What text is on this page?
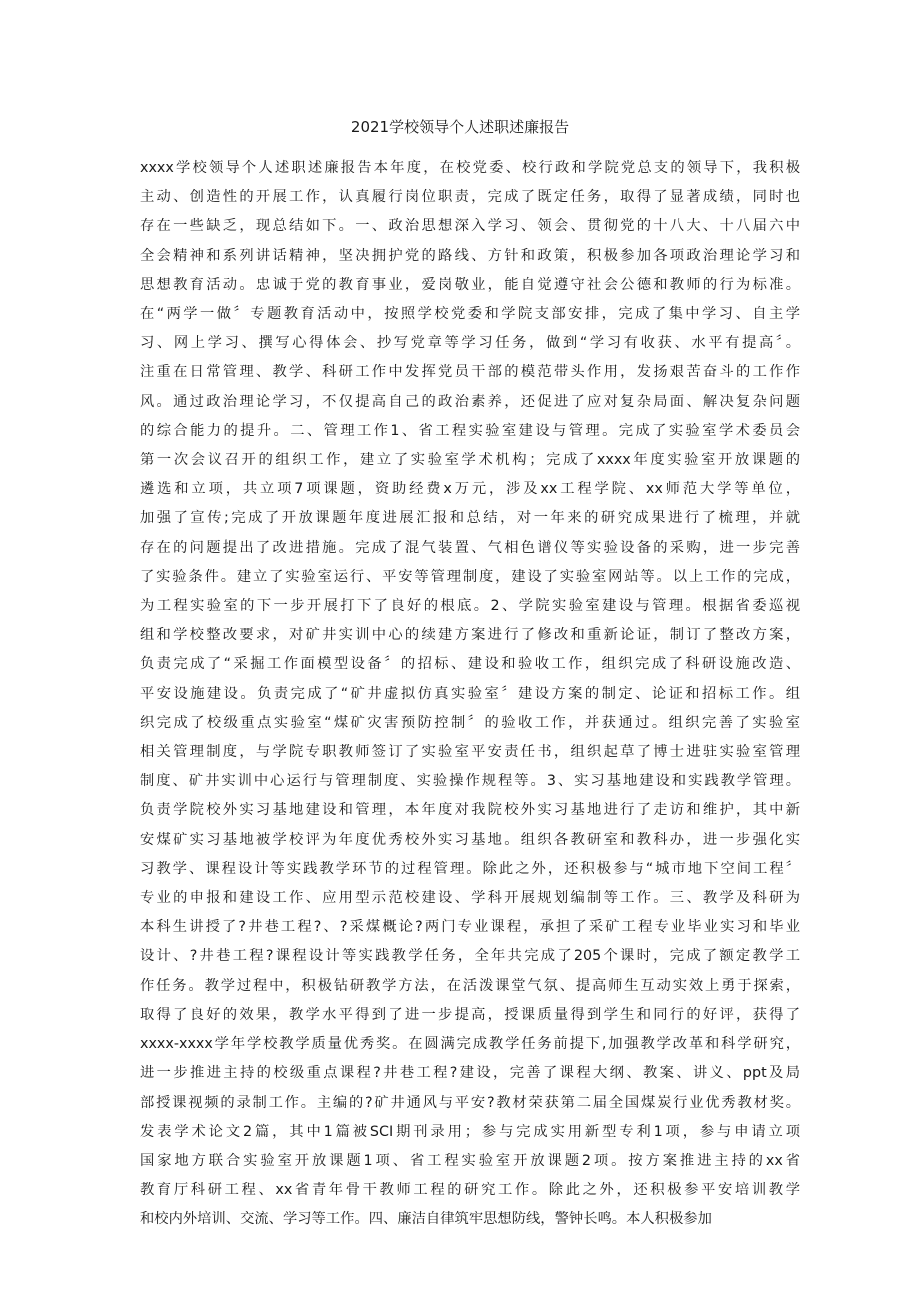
2021学校领导个人述职述廉报告
xxxx学校领导个人述职述廉报告本年度，在校党委、校行政和学院党总支的领导下，我积极
主动、创造性的开展工作，认真履行岗位职责，完成了既定任务，取得了显著成绩，同时也
存在一些缺乏，现总结如下。一、政治思想深入学习、领会、贯彻党的十八大、十八届六中
全会精神和系列讲话精神，坚决拥护党的路线、方针和政策，积极参加各项政治理论学习和
思想教育活动。忠诚于党的教育事业，爱岗敬业，能自觉遵守社会公德和教师的行为标准。
在“两学一做〞专题教育活动中，按照学校党委和学院支部安排，完成了集中学习、自主学
习、网上学习、撰写心得体会、抄写党章等学习任务，做到“学习有收获、水平有提高〞。
注重在日常管理、教学、科研工作中发挥党员干部的模范带头作用，发扬艰苦奋斗的工作作
风。通过政治理论学习，不仅提高自己的政治素养，还促进了应对复杂局面、解决复杂问题
的综合能力的提升。二、管理工作1、省工程实验室建设与管理。完成了实验室学术委员会
第一次会议召开的组织工作，建立了实验室学术机构；完成了xxxx年度实验室开放课题的
遴选和立项，共立项7项课题，资助经费x万元，涉及xx工程学院、xx师范大学等单位，
加强了宣传;完成了开放课题年度进展汇报和总结，对一年来的研究成果进行了梳理，并就
存在的问题提出了改进措施。完成了混气装置、气相色谱仪等实验设备的采购，进一步完善
了实验条件。建立了实验室运行、平安等管理制度，建设了实验室网站等。以上工作的完成，
为工程实验室的下一步开展打下了良好的根底。2、学院实验室建设与管理。根据省委巡视
组和学校整改要求，对矿井实训中心的续建方案进行了修改和重新论证，制订了整改方案，
负责完成了“采掘工作面模型设备〞的招标、建设和验收工作，组织完成了科研设施改造、
平安设施建设。负责完成了“矿井虚拟仿真实验室〞建设方案的制定、论证和招标工作。组
织完成了校级重点实验室“煤矿灾害预防控制〞的验收工作，并获通过。组织完善了实验室
相关管理制度，与学院专职教师签订了实验室平安责任书，组织起草了博士进驻实验室管理
制度、矿井实训中心运行与管理制度、实验操作规程等。3、实习基地建设和实践教学管理。
负责学院校外实习基地建设和管理，本年度对我院校外实习基地进行了走访和维护，其中新
安煤矿实习基地被学校评为年度优秀校外实习基地。组织各教研室和教科办，进一步强化实
习教学、课程设计等实践教学环节的过程管理。除此之外，还积极参与“城市地下空间工程〞
专业的申报和建设工作、应用型示范校建设、学科开展规划编制等工作。三、教学及科研为
本科生讲授了?井巷工程?、?采煤概论?两门专业课程，承担了采矿工程专业毕业实习和毕业
设计、?井巷工程?课程设计等实践教学任务，全年共完成了205个课时，完成了额定教学工
作任务。教学过程中，积极钻研教学方法，在活泼课堂气氛、提高师生互动实效上勇于探索，
取得了良好的效果，教学水平得到了进一步提高，授课质量得到学生和同行的好评，获得了
xxxx-xxxx学年学校教学质量优秀奖。在圆满完成教学任务前提下,加强教学改革和科学研究，
进一步推进主持的校级重点课程?井巷工程?建设，完善了课程大纲、教案、讲义、ppt及局
部授课视频的录制工作。主编的?矿井通风与平安?教材荣获第二届全国煤炭行业优秀教材奖。
发表学术论文2篇，其中1篇被SCI期刊录用；参与完成实用新型专利1项，参与申请立项
国家地方联合实验室开放课题1项、省工程实验室开放课题2项。按方案推进主持的xx省
教育厅科研工程、xx省青年骨干教师工程的研究工作。除此之外，还积极参平安培训教学
和校内外培训、交流、学习等工作。四、廉洁自律筑牢思想防线，警钟长鸣。本人积极参加
